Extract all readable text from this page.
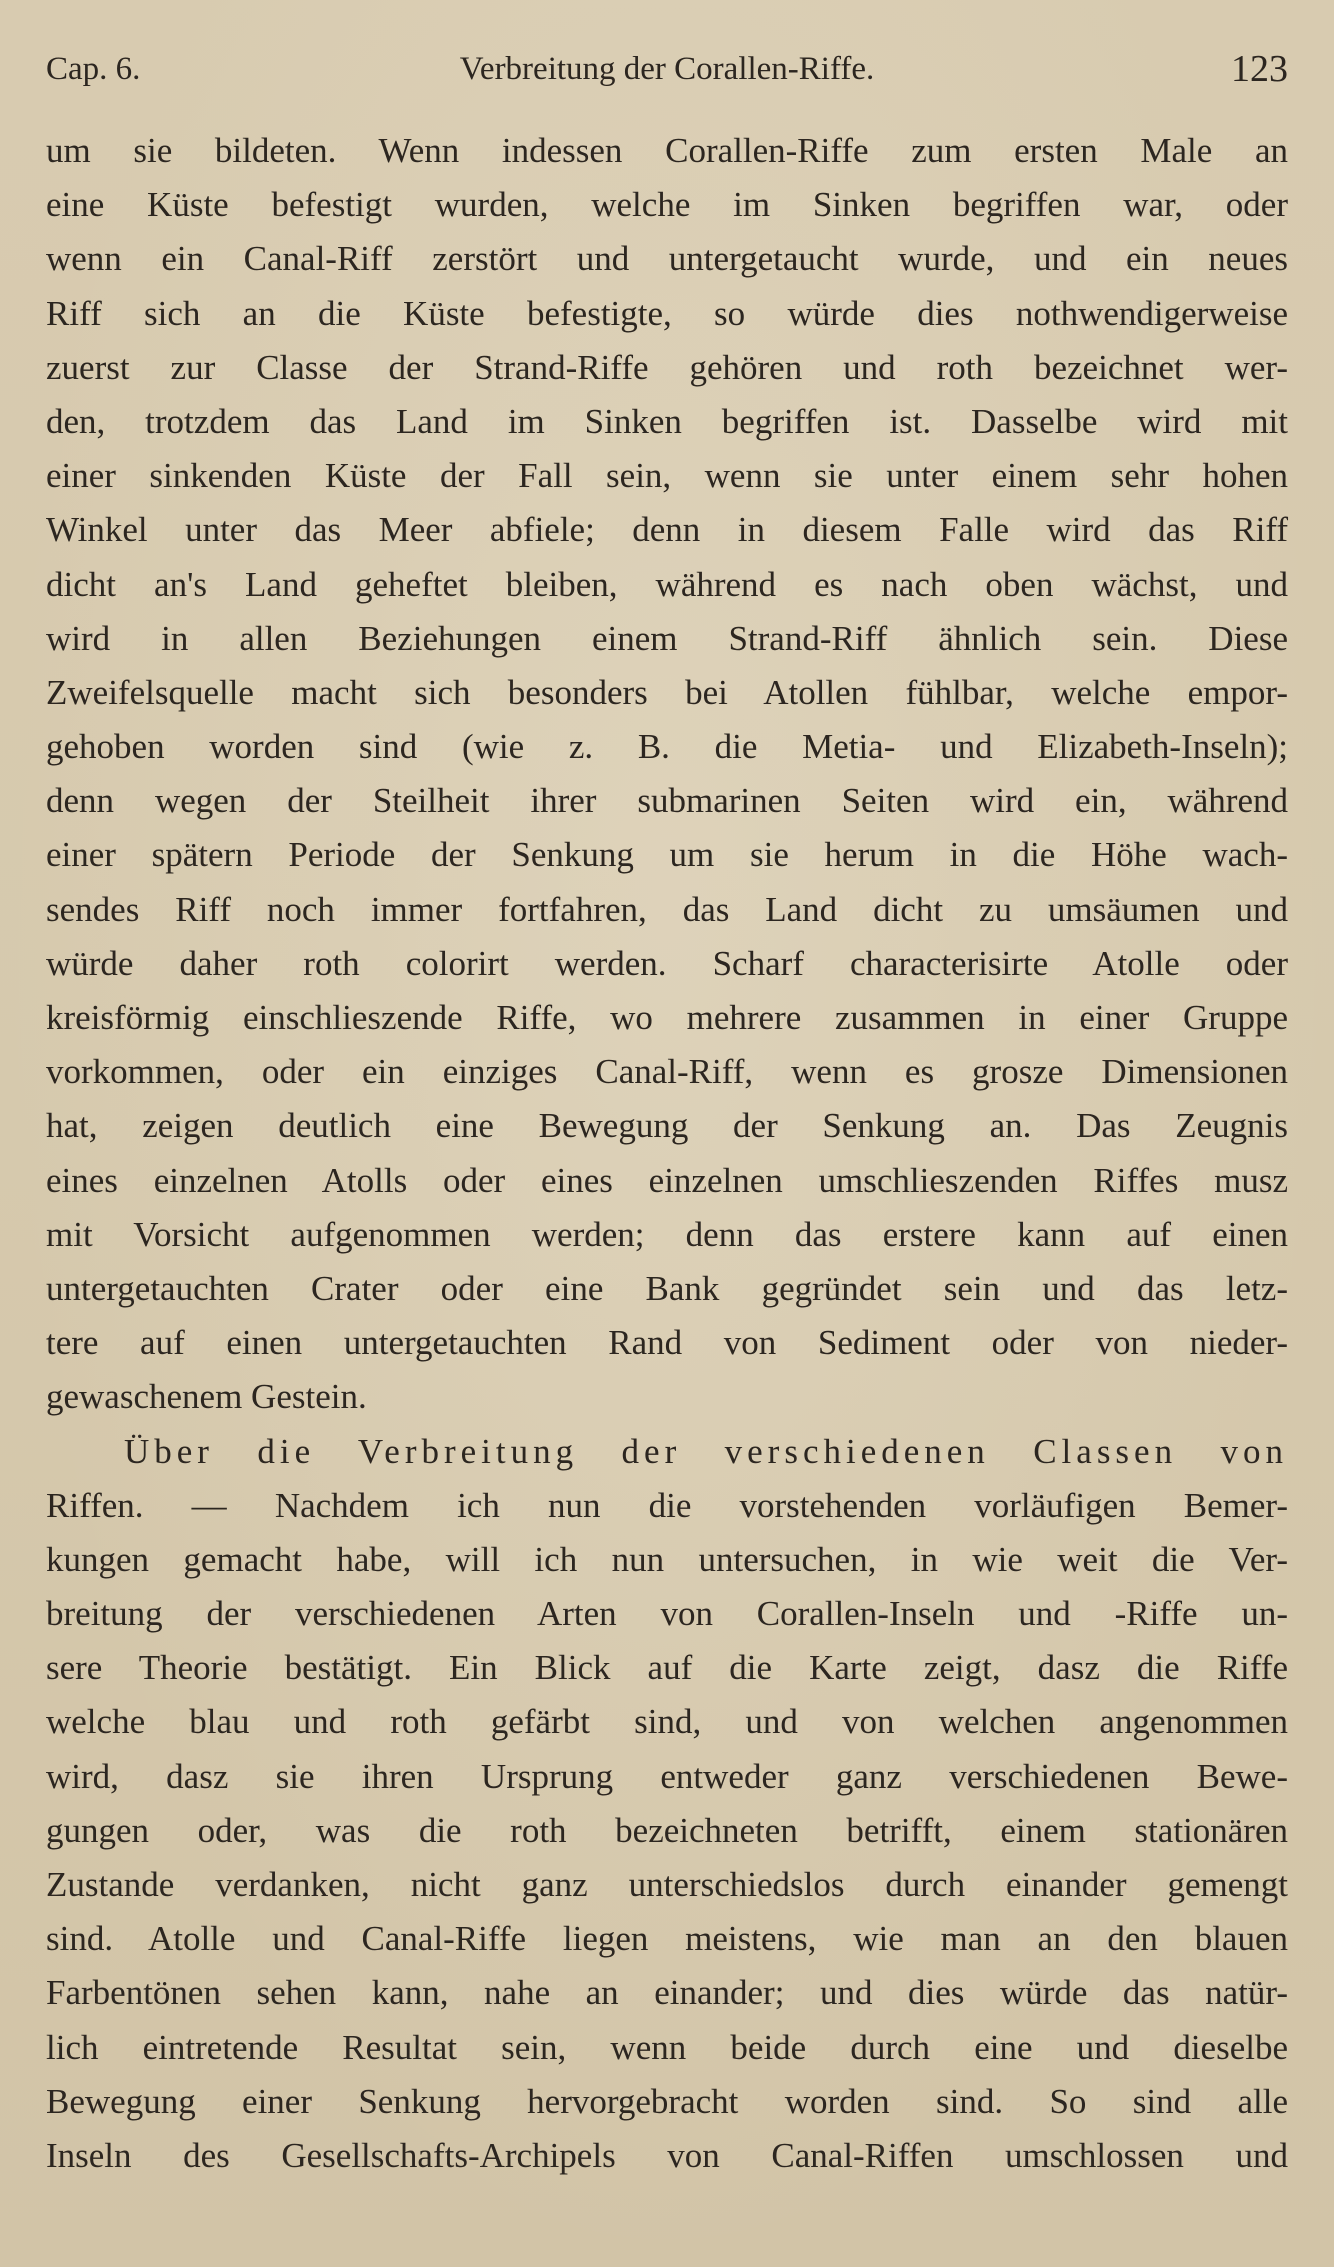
Cap. 6.	Verbreitung der Corallen-Riffe.	123
um sie bildeten. Wenn indessen Corallen-Riffe zum ersten Male an
eine Küste befestigt wurden, welche im Sinken begriffen war, oder
wenn ein Canal-Riff zerstört und untergetaucht wurde, und ein neues
Riff sich an die Küste befestigte, so würde dies nothwendigerweise
zuerst zur Classe der Strand-Riffe gehören und roth bezeichnet wer-
den, trotzdem das Land im Sinken begriffen ist. Dasselbe wird mit
einer sinkenden Küste der Fall sein, wenn sie unter einem sehr hohen
Winkel unter das Meer abfiele; denn in diesem Falle wird das Riff
dicht an's Land geheftet bleiben, während es nach oben wächst, und
wird in allen Beziehungen einem Strand-Riff ähnlich sein. Diese
Zweifelsquelle macht sich besonders bei Atollen fühlbar, welche empor-
gehoben worden sind (wie z. B. die Metia- und Elizabeth-Inseln);
denn wegen der Steilheit ihrer submarinen Seiten wird ein, während
einer spätern Periode der Senkung um sie herum in die Höhe wach-
sendes Riff noch immer fortfahren, das Land dicht zu umsäumen und
würde daher roth colorirt werden. Scharf characterisirte Atolle oder
kreisförmig einschlieszende Riffe, wo mehrere zusammen in einer Gruppe
vorkommen, oder ein einziges Canal-Riff, wenn es grosze Dimensionen
hat, zeigen deutlich eine Bewegung der Senkung an. Das Zeugnis
eines einzelnen Atolls oder eines einzelnen umschlieszenden Riffes musz
mit Vorsicht aufgenommen werden; denn das erstere kann auf einen
untergetauchten Crater oder eine Bank gegründet sein und das letz-
tere auf einen untergetauchten Rand von Sediment oder von nieder-
gewaschenem Gestein.
Über die Verbreitung der verschiedenen Classen von
Riffen. — Nachdem ich nun die vorstehenden vorläufigen Bemer-
kungen gemacht habe, will ich nun untersuchen, in wie weit die Ver-
breitung der verschiedenen Arten von Corallen-Inseln und -Riffe un-
sere Theorie bestätigt. Ein Blick auf die Karte zeigt, dasz die Riffe
welche blau und roth gefärbt sind, und von welchen angenommen
wird, dasz sie ihren Ursprung entweder ganz verschiedenen Bewe-
gungen oder, was die roth bezeichneten betrifft, einem stationären
Zustande verdanken, nicht ganz unterschiedslos durch einander gemengt
sind. Atolle und Canal-Riffe liegen meistens, wie man an den blauen
Farbentönen sehen kann, nahe an einander; und dies würde das natür-
lich eintretende Resultat sein, wenn beide durch eine und dieselbe
Bewegung einer Senkung hervorgebracht worden sind. So sind alle
Inseln des Gesellschafts-Archipels von Canal-Riffen umschlossen und
